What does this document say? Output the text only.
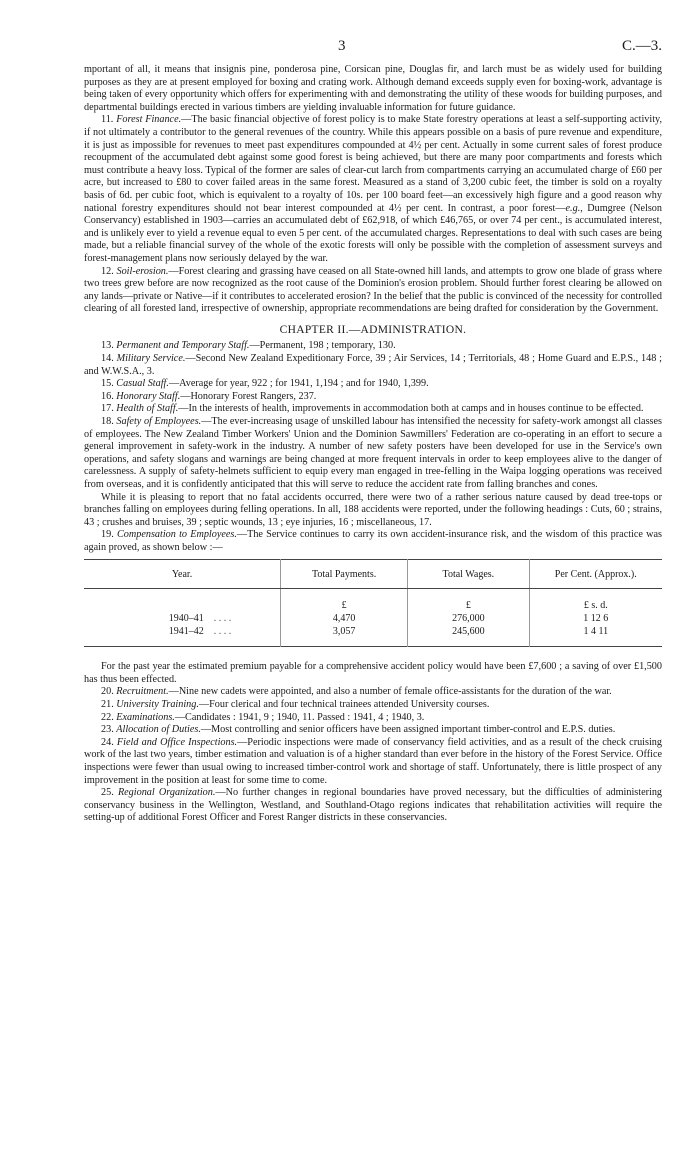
3	C.—3.

mportant of all, it means that insignis pine, ponderosa pine, Corsican pine, Douglas fir, and larch must be as widely used for building purposes as they are at present employed for boxing and crating work. Although demand exceeds supply even for boxing-work, advantage is being taken of every opportunity which offers for experimenting with and demonstrating the utility of these woods for building purposes, and departmental buildings erected in various timbers are yielding invaluable information for future guidance.

11. Forest Finance.—The basic financial objective of forest policy is to make State forestry operations at least a self-supporting activity, if not ultimately a contributor to the general revenues of the country. While this appears possible on a basis of pure revenue and expenditure, it is just as impossible for revenues to meet past expenditures compounded at 4½ per cent. Actually in some current sales of forest produce recoupment of the accumulated debt against some good forest is being achieved, but there are many poor compartments and forests which must contribute a heavy loss. Typical of the former are sales of clear-cut larch from compartments carrying an accumulated charge of £60 per acre, but increased to £80 to cover failed areas in the same forest. Measured as a stand of 3,200 cubic feet, the timber is sold on a royalty basis of 6d. per cubic foot, which is equivalent to a royalty of 10s. per 100 board feet—an excessively high figure and a good reason why national forestry expenditures should not bear interest compounded at 4½ per cent. In contrast, a poor forest—e.g., Dumgree (Nelson Conservancy) established in 1903—carries an accumulated debt of £62,918, of which £46,765, or over 74 per cent., is accumulated interest, and is unlikely ever to yield a revenue equal to even 5 per cent. of the accumulated charges. Representations to deal with such cases are being made, but a reliable financial survey of the whole of the exotic forests will only be possible with the completion of assessment surveys and forest-management plans now seriously delayed by the war.

12. Soil-erosion.—Forest clearing and grassing have ceased on all State-owned hill lands, and attempts to grow one blade of grass where two trees grew before are now recognized as the root cause of the Dominion's erosion problem. Should further forest clearing be allowed on any lands—private or Native—if it contributes to accelerated erosion? In the belief that the public is convinced of the necessity for controlled clearing of all forested land, irrespective of ownership, appropriate recommendations are being drafted for consideration by the Government.

CHAPTER II.—ADMINISTRATION.

13. Permanent and Temporary Staff.—Permanent, 198 ; temporary, 130.

14. Military Service.—Second New Zealand Expeditionary Force, 39 ; Air Services, 14 ; Territorials, 48 ; Home Guard and E.P.S., 148 ; and W.W.S.A., 3.

15. Casual Staff.—Average for year, 922 ; for 1941, 1,194 ; and for 1940, 1,399.

16. Honorary Staff.—Honorary Forest Rangers, 237.

17. Health of Staff.—In the interests of health, improvements in accommodation both at camps and in houses continue to be effected.

18. Safety of Employees.—The ever-increasing usage of unskilled labour has intensified the necessity for safety-work amongst all classes of employees. The New Zealand Timber Workers' Union and the Dominion Sawmillers' Federation are co-operating in an effort to secure a general improvement in safety-work in the industry. A number of new safety posters have been developed for use in the Service's own operations, and safety slogans and warnings are being changed at more frequent intervals in order to keep employees alive to the danger of carelessness. A supply of safety-helmets sufficient to equip every man engaged in tree-felling in the Waipa logging operations was received from overseas, and it is confidently anticipated that this will serve to reduce the accident rate from falling branches and cones.

While it is pleasing to report that no fatal accidents occurred, there were two of a rather serious nature caused by dead tree-tops or branches falling on employees during felling operations. In all, 188 accidents were reported, under the following headings : Cuts, 60 ; strains, 43 ; crushes and bruises, 39 ; septic wounds, 13 ; eye injuries, 16 ; miscellaneous, 17.

19. Compensation to Employees.—The Service continues to carry its own accident-insurance risk, and the wisdom of this practice was again proved, as shown below :—

Year.	Total Payments.	Total Wages.	Per Cent. (Approx.).
	£	£	£ s. d.
1940–41 . . . .	4,470	276,000	1 12 6
1941–42 . . . .	3,057	245,600	1 4 11

For the past year the estimated premium payable for a comprehensive accident policy would have been £7,600 ; a saving of over £1,500 has thus been effected.

20. Recruitment.—Nine new cadets were appointed, and also a number of female office-assistants for the duration of the war.

21. University Training.—Four clerical and four technical trainees attended University courses.

22. Examinations.—Candidates : 1941, 9 ; 1940, 11. Passed : 1941, 4 ; 1940, 3.

23. Allocation of Duties.—Most controlling and senior officers have been assigned important timber-control and E.P.S. duties.

24. Field and Office Inspections.—Periodic inspections were made of conservancy field activities, and as a result of the check cruising work of the last two years, timber estimation and valuation is of a higher standard than ever before in the history of the Forest Service. Office inspections were fewer than usual owing to increased timber-control work and shortage of staff. Unfortunately, there is little prospect of any improvement in the position at least for some time to come.

25. Regional Organization.—No further changes in regional boundaries have proved necessary, but the difficulties of administering conservancy business in the Wellington, Westland, and Southland-Otago regions indicates that rehabilitation activities will require the setting-up of additional Forest Officer and Forest Ranger districts in these conservancies.
